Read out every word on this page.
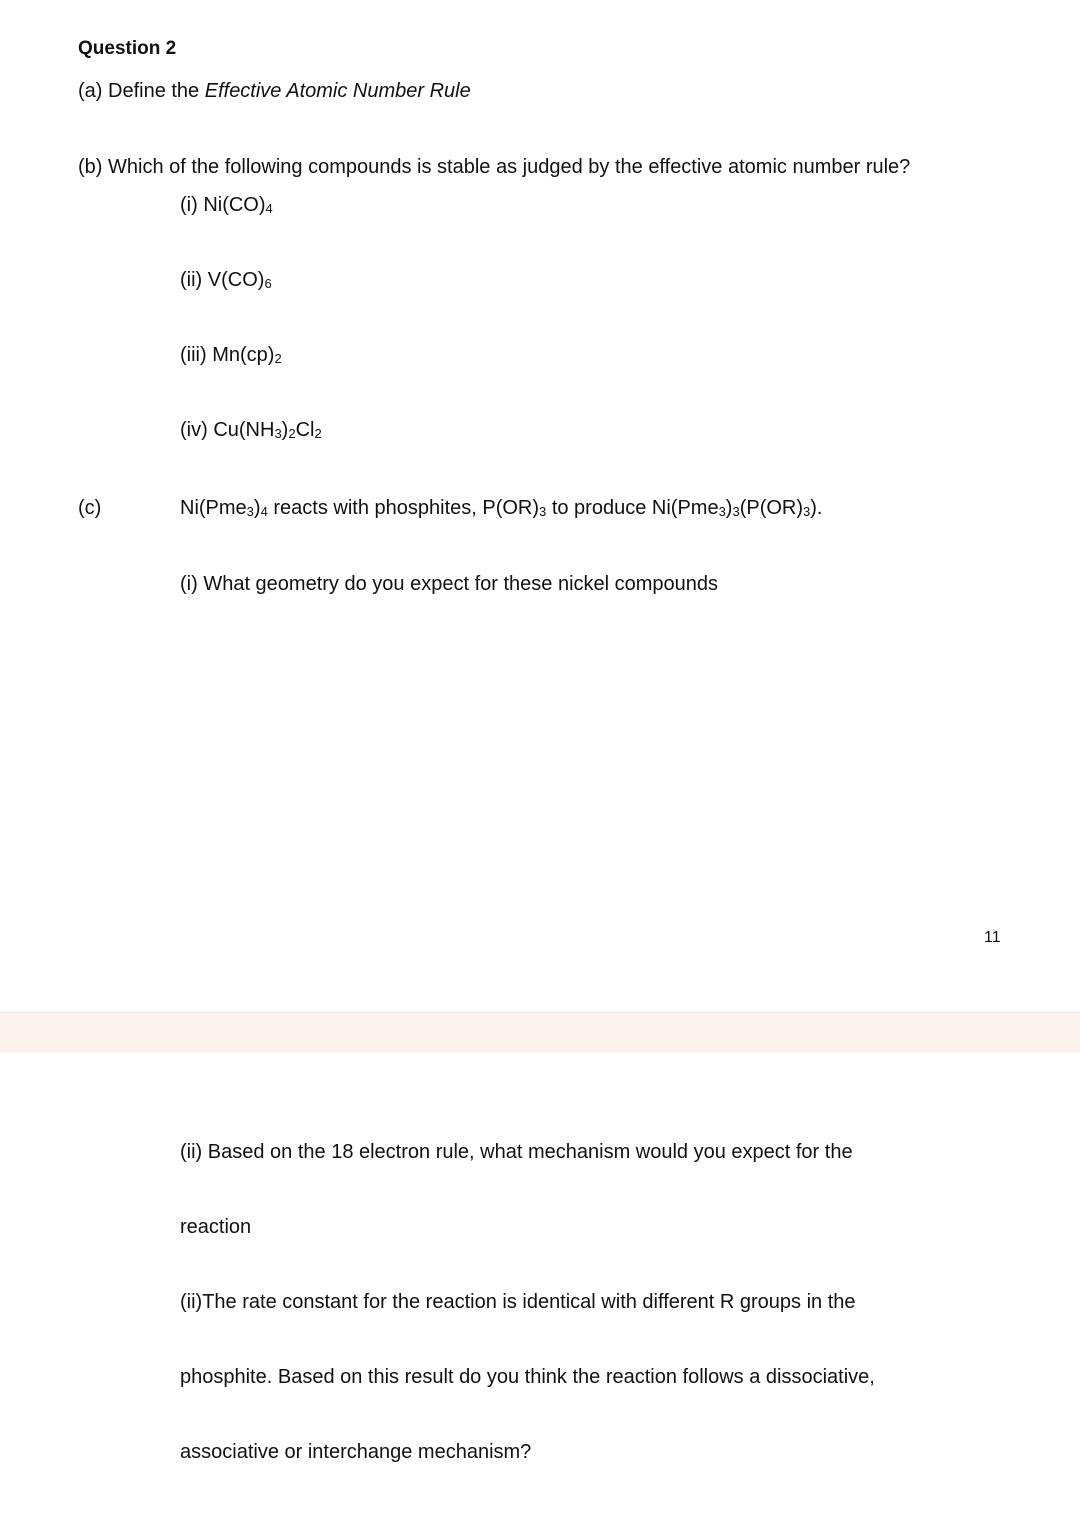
Question 2
(a) Define the Effective Atomic Number Rule
(b) Which of the following compounds is stable as judged by the effective atomic number rule?
(i) $Ni(CO)_4$
(ii) $V(CO)_6$
(iii) $Mn(cp)_2$
(iv) $Cu(NH_3)_2Cl_2$
(c)	$Ni(Pme_3)_4$ reacts with phosphites, $P(OR)_3$ to produce $Ni(Pme_3)_3(P(OR)_3)$.
(i) What geometry do you expect for these nickel compounds
11
(ii) Based on the 18 electron rule, what mechanism would you expect for the
reaction
(ii)The rate constant for the reaction is identical with different R groups in the
phosphite. Based on this result do you think the reaction follows a dissociative,
associative or interchange mechanism?
